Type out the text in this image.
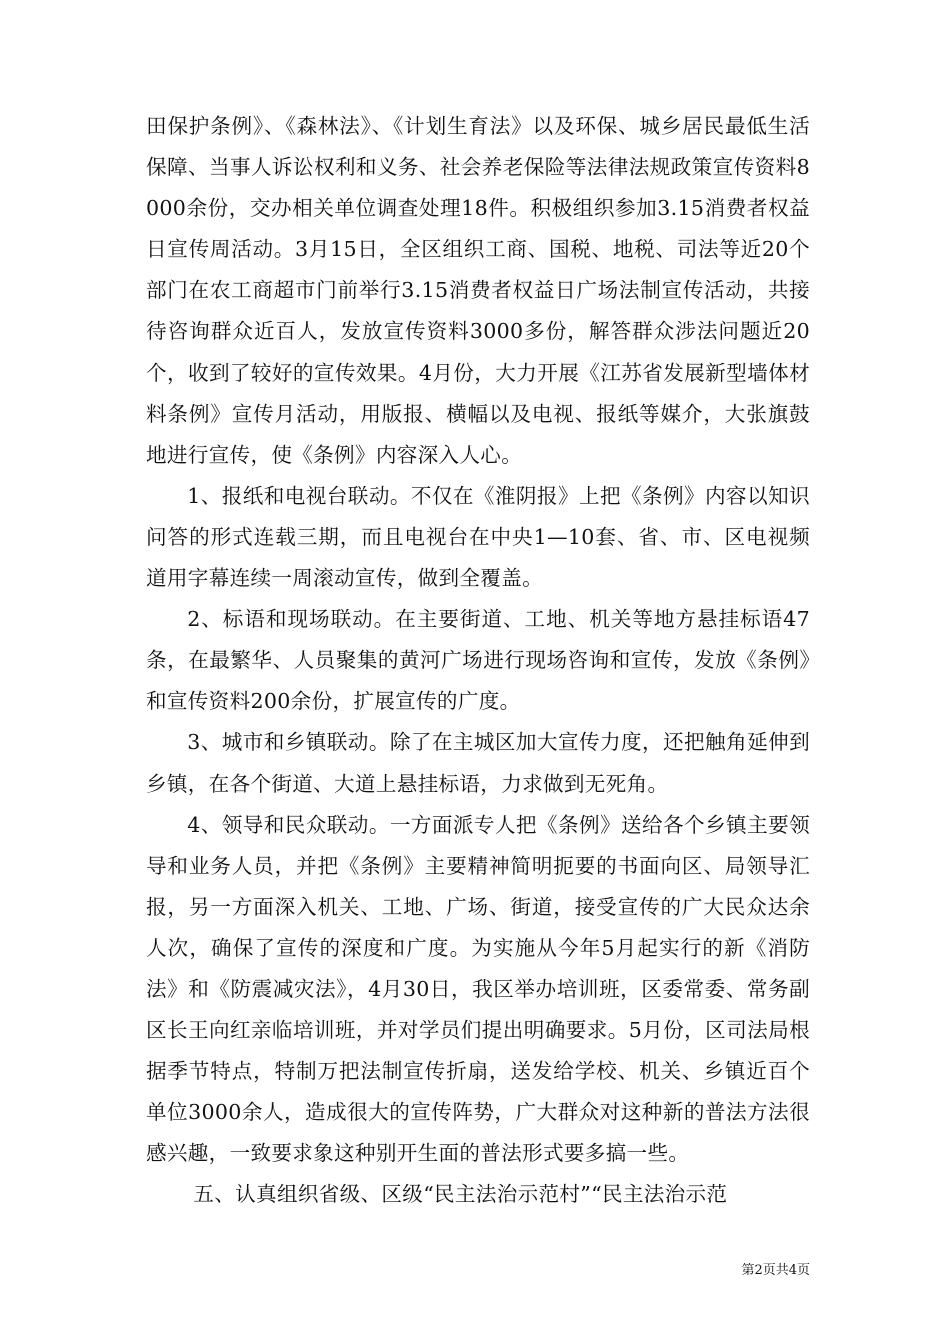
田保护条例》、《森林法》、《计划生育法》以及环保、城乡居民最低生活保障、当事人诉讼权利和义务、社会养老保险等法律法规政策宣传资料8000余份，交办相关单位调查处理18件。积极组织参加3.15消费者权益日宣传周活动。3月15日，全区组织工商、国税、地税、司法等近20个部门在农工商超市门前举行3.15消费者权益日广场法制宣传活动，共接待咨询群众近百人，发放宣传资料3000多份，解答群众涉法问题近20个，收到了较好的宣传效果。4月份，大力开展《江苏省发展新型墙体材料条例》宣传月活动，用版报、横幅以及电视、报纸等媒介，大张旗鼓地进行宣传，使《条例》内容深入人心。

1、报纸和电视台联动。不仅在《淮阴报》上把《条例》内容以知识问答的形式连载三期，而且电视台在中央1—10套、省、市、区电视频道用字幕连续一周滚动宣传，做到全覆盖。

2、标语和现场联动。在主要街道、工地、机关等地方悬挂标语47条，在最繁华、人员聚集的黄河广场进行现场咨询和宣传，发放《条例》和宣传资料200余份，扩展宣传的广度。

3、城市和乡镇联动。除了在主城区加大宣传力度，还把触角延伸到乡镇，在各个街道、大道上悬挂标语，力求做到无死角。

4、领导和民众联动。一方面派专人把《条例》送给各个乡镇主要领导和业务人员，并把《条例》主要精神简明扼要的书面向区、局领导汇报，另一方面深入机关、工地、广场、街道，接受宣传的广大民众达余人次，确保了宣传的深度和广度。为实施从今年5月起实行的新《消防法》和《防震减灾法》，4月30日，我区举办培训班，区委常委、常务副区长王向红亲临培训班，并对学员们提出明确要求。5月份，区司法局根据季节特点，特制万把法制宣传折扇，送发给学校、机关、乡镇近百个单位3000余人，造成很大的宣传阵势，广大群众对这种新的普法方法很感兴趣，一致要求象这种别开生面的普法形式要多搞一些。

五、认真组织省级、区级“民主法治示范村”“民主法治示范

第2页共4页
